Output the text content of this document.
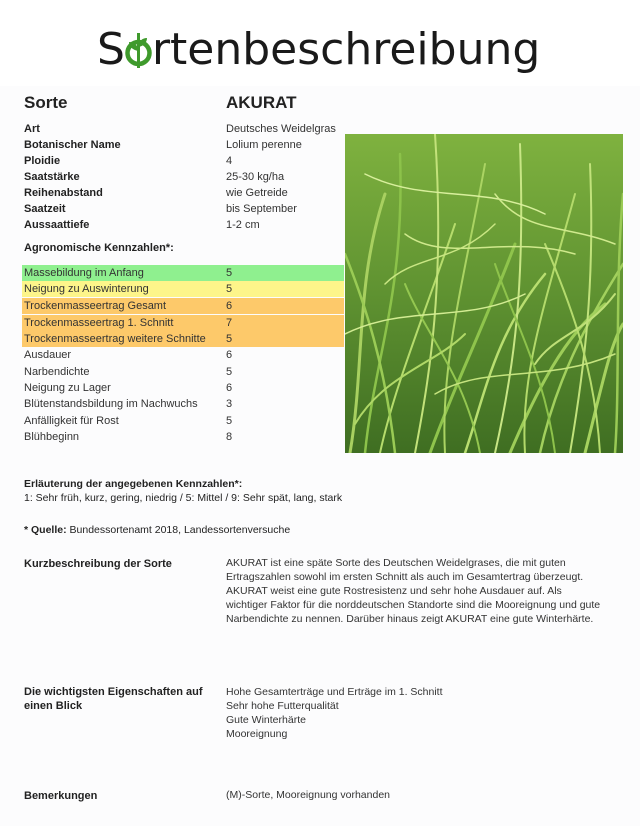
S rtenbeschreibung
Sorte	AKURAT
Art	Deutsches Weidelgras
Botanischer Name	Lolium perenne
Ploidie	4
Saatstärke	25-30 kg/ha
Reihenabstand	wie Getreide
Saatzeit	bis September
Aussaattiefe	1-2 cm
Agronomische Kennzahlen*:
Massebildung im Anfang	5
Neigung zu Auswinterung	5
Trockenmasseertrag Gesamt	6
Trockenmasseertrag 1. Schnitt	7
Trockenmasseertrag weitere Schnitte 5
Ausdauer	6
Narbendichte	5
Neigung zu Lager	6
Blütenstandsbildung im Nachwuchs	3
Anfälligkeit für Rost	5
Blühbeginn	8
Erläuterung der angegebenen Kennzahlen*:
1: Sehr früh, kurz, gering, niedrig / 5: Mittel / 9: Sehr spät, lang, stark
* Quelle: Bundessortenamt 2018, Landessortenversuche
Kurzbeschreibung der Sorte	AKURAT ist eine späte Sorte des Deutschen Weidelgrases, die mit guten
Ertragszahlen sowohl im ersten Schnitt als auch im Gesamtertrag überzeugt.
AKURAT weist eine gute Rostresistenz und sehr hohe Ausdauer auf. Als
wichtiger Faktor für die norddeutschen Standorte sind die Mooreignung und gute
Narbendichte zu nennen. Darüber hinaus zeigt AKURAT eine gute Winterhärte.
Die wichtigsten Eigenschaften auf
einen Blick
Hohe Gesamterträge und Erträge im 1. Schnitt
Sehr hohe Futterqualität
Gute Winterhärte
Mooreignung
Bemerkungen	(M)-Sorte, Mooreignung vorhanden
